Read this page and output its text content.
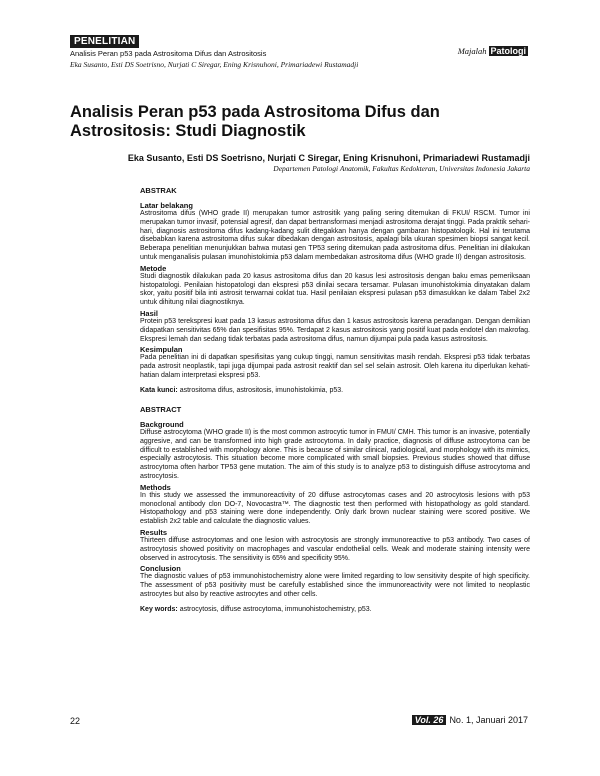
PENELITIAN
Analisis Peran p53 pada Astrositoma Difus dan Astrositosis
Eka Susanto, Esti DS Soetrisno, Nurjati C Siregar, Ening Krisnuhoni, Primariadewi Rustamadji
Majalah Patologi
Analisis Peran p53 pada Astrositoma Difus dan Astrositosis: Studi Diagnostik
Eka Susanto, Esti DS Soetrisno, Nurjati C Siregar, Ening Krisnuhoni, Primariadewi Rustamadji
Departemen Patologi Anatomik, Fakultas Kedokteran, Universitas Indonesia Jakarta
ABSTRAK
Latar belakang
Astrositoma difus (WHO grade II) merupakan tumor astrositik yang paling sering ditemukan di FKUI/ RSCM. Tumor ini merupakan tumor invasif, potensial agresif, dan dapat bertransformasi menjadi astrositoma derajat tinggi. Pada praktik sehari-hari, diagnosis astrositoma difus kadang-kadang sulit ditegakkan hanya dengan gambaran histopatologik. Hal ini terutama disebabkan karena astrositoma difus sukar dibedakan dengan astrositosis, apalagi bila ukuran spesimen biopsi sangat kecil. Beberapa penelitian menunjukkan bahwa mutasi gen TP53 sering ditemukan pada astrositoma difus. Penelitian ini dilakukan untuk menganalisis pulasan imunohistokimia p53 dalam membedakan astrositoma difus (WHO grade II) dengan astrositosis.
Metode
Studi diagnostik dilakukan pada 20 kasus astrositoma difus dan 20 kasus lesi astrositosis dengan baku emas pemeriksaan histopatologi. Penilaian histopatologi dan ekspresi p53 dinilai secara tersamar. Pulasan imunohistokimia dinyatakan dalam skor, yaitu positif bila inti astrosit terwarnai coklat tua. Hasil penilaian ekspresi pulasan p53 dimasukkan ke dalam Tabel 2x2 untuk dihitung nilai diagnostiknya.
Hasil
Protein p53 terekspresi kuat pada 13 kasus astrositoma difus dan 1 kasus astrositosis karena peradangan. Dengan demikian didapatkan sensitivitas 65% dan spesifisitas 95%. Terdapat 2 kasus astrositosis yang positif kuat pada endotel dan makrofag. Ekspresi lemah dan sedang tidak terbatas pada astrositoma difus, namun dijumpai pula pada kasus astrositosis.
Kesimpulan
Pada penelitian ini di dapatkan spesifisitas yang cukup tinggi, namun sensitivitas masih rendah. Ekspresi p53 tidak terbatas pada astrosit neoplastik, tapi juga dijumpai pada astrosit reaktif dan sel sel selain astrosit. Oleh karena itu diperlukan kehati-hatian dalam interpretasi ekspresi p53.
Kata kunci: astrositoma difus, astrositosis, imunohistokimia, p53.
ABSTRACT
Background
Diffuse astrocytoma (WHO grade II) is the most common astrocytic tumor in FMUI/ CMH. This tumor is an invasive, potentially aggresive, and can be transformed into high grade astrocytoma. In daily practice, diagnosis of diffuse astrocytoma can be difficult to established with morphology alone. This is because of similar clinical, radiological, and morphology with its mimics, especially astrocytosis. This situation become more complicated with small biopsies. Previous studies showed that diffuse astrocytoma often harbor TP53 gene mutation. The aim of this study is to analyze p53 to distinguish diffuse astrocytoma and astrocytosis.
Methods
In this study we assessed the immunoreactivity of 20 diffuse astrocytomas cases and 20 astrocytosis lesions with p53 monoclonal antibody clon DO-7, Novocastra™. The diagnostic test then performed with histopathology as gold standard. Histopathology and p53 staining were done independently. Only dark brown nuclear staining were scored positive. We establish 2x2 table and calculate the diagnostic values.
Results
Thirteen diffuse astrocytomas and one lesion with astrocytosis are strongly immunoreactive to p53 antibody. Two cases of astrocytosis showed positivity on macrophages and vascular endothelial cells. Weak and moderate staining intensity were observed in astrocytosis. The sensitivity is 65% and specificity 95%.
Conclusion
The diagnostic values of p53 immunohistochemistry alone were limited regarding to low sensitivity despite of high specificity. The assessment of p53 positivity must be carefully established since the immunoreactivity were not limited to neoplastic astrocytes but also by reactive astrocytes and other cells.
Key words: astrocytosis, diffuse astrocytoma, immunohistochemistry, p53.
22	Vol. 26 No. 1, Januari 2017
